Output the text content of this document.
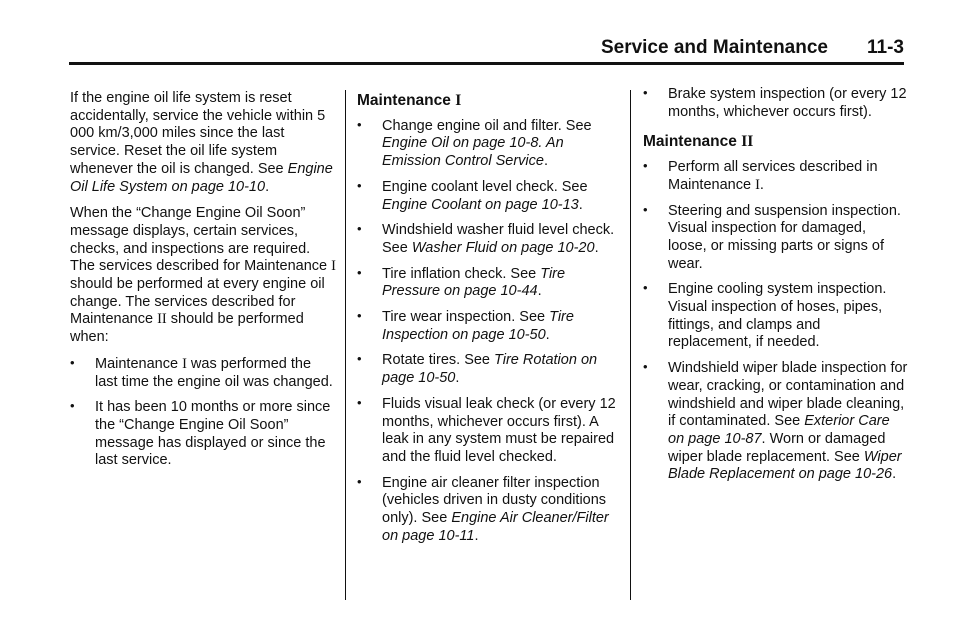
Service and Maintenance 11-3

If the engine oil life system is reset accidentally, service the vehicle within 5 000 km/3,000 miles since the last service. Reset the oil life system whenever the oil is changed. See Engine Oil Life System on page 10-10.

When the “Change Engine Oil Soon” message displays, certain services, checks, and inspections are required. The services described for Maintenance I should be performed at every engine oil change. The services described for Maintenance II should be performed when:

• Maintenance I was performed the last time the engine oil was changed.
• It has been 10 months or more since the “Change Engine Oil Soon” message has displayed or since the last service.
Maintenance I
• Change engine oil and filter. See Engine Oil on page 10-8. An Emission Control Service.
• Engine coolant level check. See Engine Coolant on page 10-13.
• Windshield washer fluid level check. See Washer Fluid on page 10-20.
• Tire inflation check. See Tire Pressure on page 10-44.
• Tire wear inspection. See Tire Inspection on page 10-50.
• Rotate tires. See Tire Rotation on page 10-50.
• Fluids visual leak check (or every 12 months, whichever occurs first). A leak in any system must be repaired and the fluid level checked.
• Engine air cleaner filter inspection (vehicles driven in dusty conditions only). See Engine Air Cleaner/Filter on page 10-11.
• Brake system inspection (or every 12 months, whichever occurs first).
Maintenance II
• Perform all services described in Maintenance I.
• Steering and suspension inspection. Visual inspection for damaged, loose, or missing parts or signs of wear.
• Engine cooling system inspection. Visual inspection of hoses, pipes, fittings, and clamps and replacement, if needed.
• Windshield wiper blade inspection for wear, cracking, or contamination and windshield and wiper blade cleaning, if contaminated. See Exterior Care on page 10-87. Worn or damaged wiper blade replacement. See Wiper Blade Replacement on page 10-26.
